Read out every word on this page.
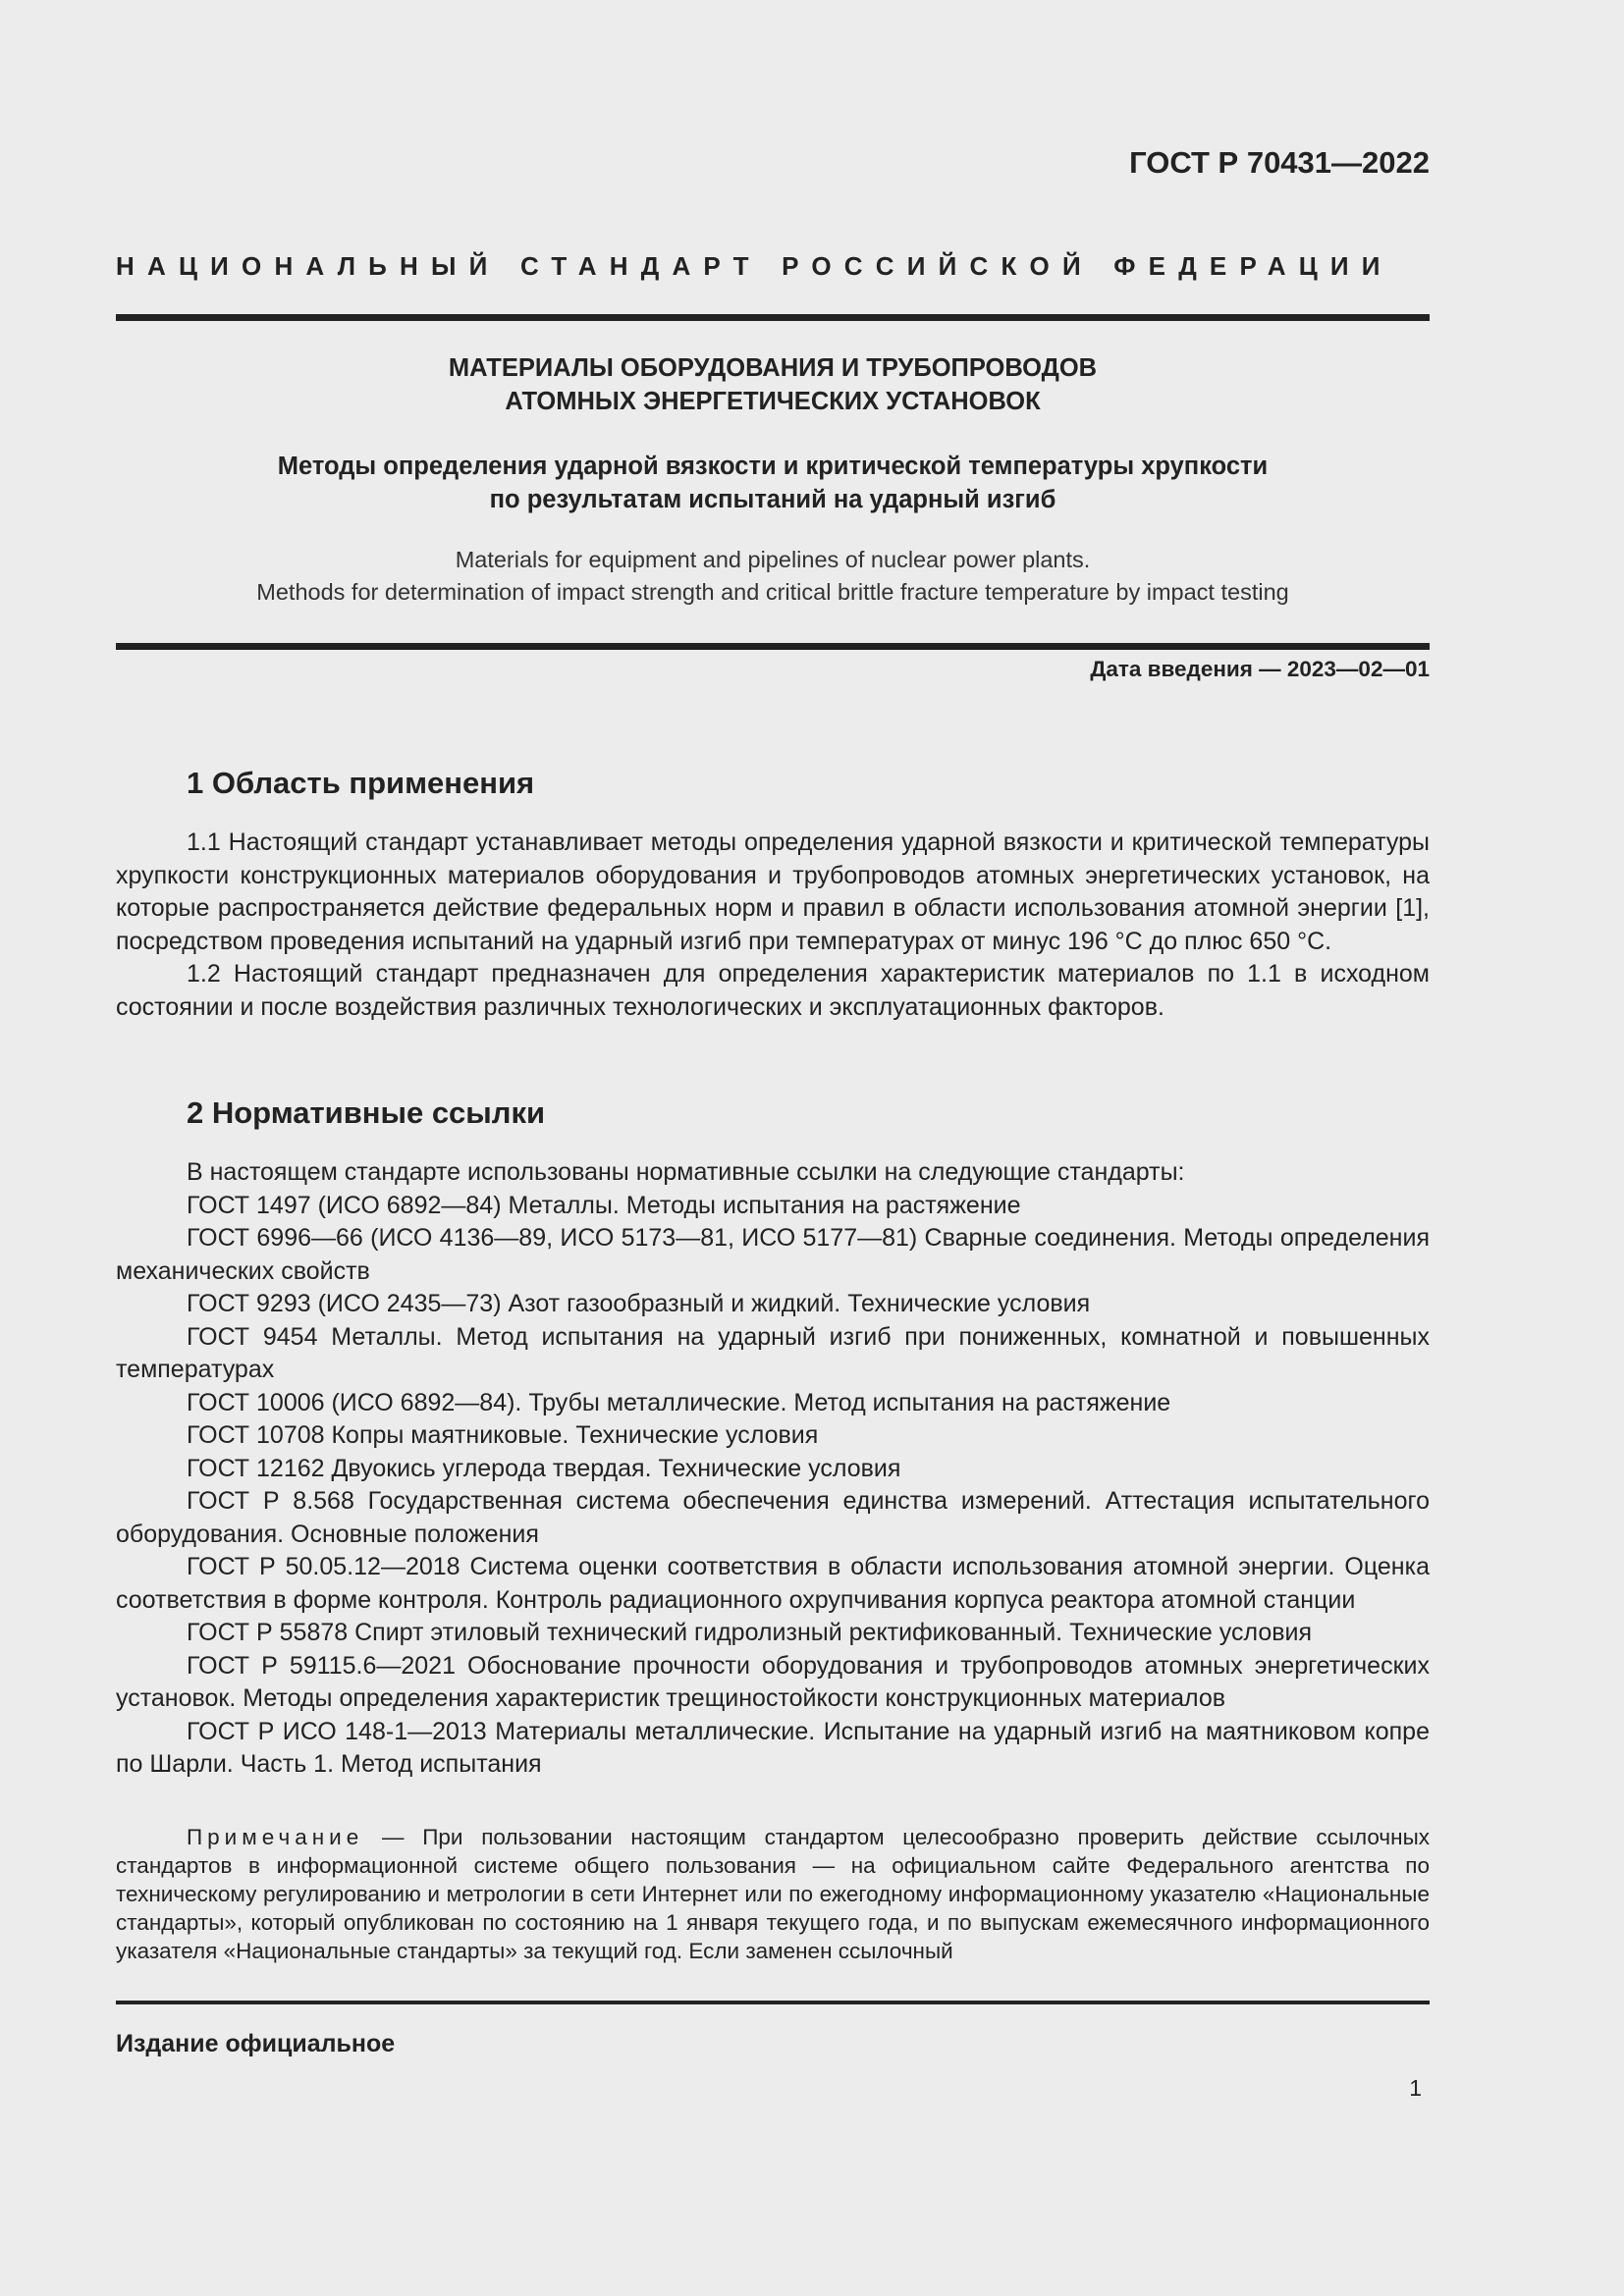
ГОСТ Р 70431—2022
НАЦИОНАЛЬНЫЙ СТАНДАРТ РОССИЙСКОЙ ФЕДЕРАЦИИ
МАТЕРИАЛЫ ОБОРУДОВАНИЯ И ТРУБОПРОВОДОВ
АТОМНЫХ ЭНЕРГЕТИЧЕСКИХ УСТАНОВОК
Методы определения ударной вязкости и критической температуры хрупкости
по результатам испытаний на ударный изгиб
Materials for equipment and pipelines of nuclear power plants.
Methods for determination of impact strength and critical brittle fracture temperature by impact testing
Дата введения — 2023—02—01
1 Область применения

1.1 Настоящий стандарт устанавливает методы определения ударной вязкости и критической температуры хрупкости конструкционных материалов оборудования и трубопроводов атомных энергетических установок, на которые распространяется действие федеральных норм и правил в области использования атомной энергии [1], посредством проведения испытаний на ударный изгиб при температурах от минус 196 °С до плюс 650 °С.

1.2 Настоящий стандарт предназначен для определения характеристик материалов по 1.1 в исходном состоянии и после воздействия различных технологических и эксплуатационных факторов.

2 Нормативные ссылки

В настоящем стандарте использованы нормативные ссылки на следующие стандарты:

ГОСТ 1497 (ИСО 6892—84) Металлы. Методы испытания на растяжение

ГОСТ 6996—66 (ИСО 4136—89, ИСО 5173—81, ИСО 5177—81) Сварные соединения. Методы определения механических свойств

ГОСТ 9293 (ИСО 2435—73) Азот газообразный и жидкий. Технические условия

ГОСТ 9454 Металлы. Метод испытания на ударный изгиб при пониженных, комнатной и повышенных температурах

ГОСТ 10006 (ИСО 6892—84). Трубы металлические. Метод испытания на растяжение

ГОСТ 10708 Копры маятниковые. Технические условия

ГОСТ 12162 Двуокись углерода твердая. Технические условия

ГОСТ Р 8.568 Государственная система обеспечения единства измерений. Аттестация испытательного оборудования. Основные положения

ГОСТ Р 50.05.12—2018 Система оценки соответствия в области использования атомной энергии. Оценка соответствия в форме контроля. Контроль радиационного охрупчивания корпуса реактора атомной станции

ГОСТ Р 55878 Спирт этиловый технический гидролизный ректификованный. Технические условия

ГОСТ Р 59115.6—2021 Обоснование прочности оборудования и трубопроводов атомных энергетических установок. Методы определения характеристик трещиностойкости конструкционных материалов

ГОСТ Р ИСО 148-1—2013 Материалы металлические. Испытание на ударный изгиб на маятниковом копре по Шарли. Часть 1. Метод испытания

Примечание — При пользовании настоящим стандартом целесообразно проверить действие ссылочных стандартов в информационной системе общего пользования — на официальном сайте Федерального агентства по техническому регулированию и метрологии в сети Интернет или по ежегодному информационному указателю «Национальные стандарты», который опубликован по состоянию на 1 января текущего года, и по выпускам ежемесячного информационного указателя «Национальные стандарты» за текущий год. Если заменен ссылочный

Издание официальное
1
